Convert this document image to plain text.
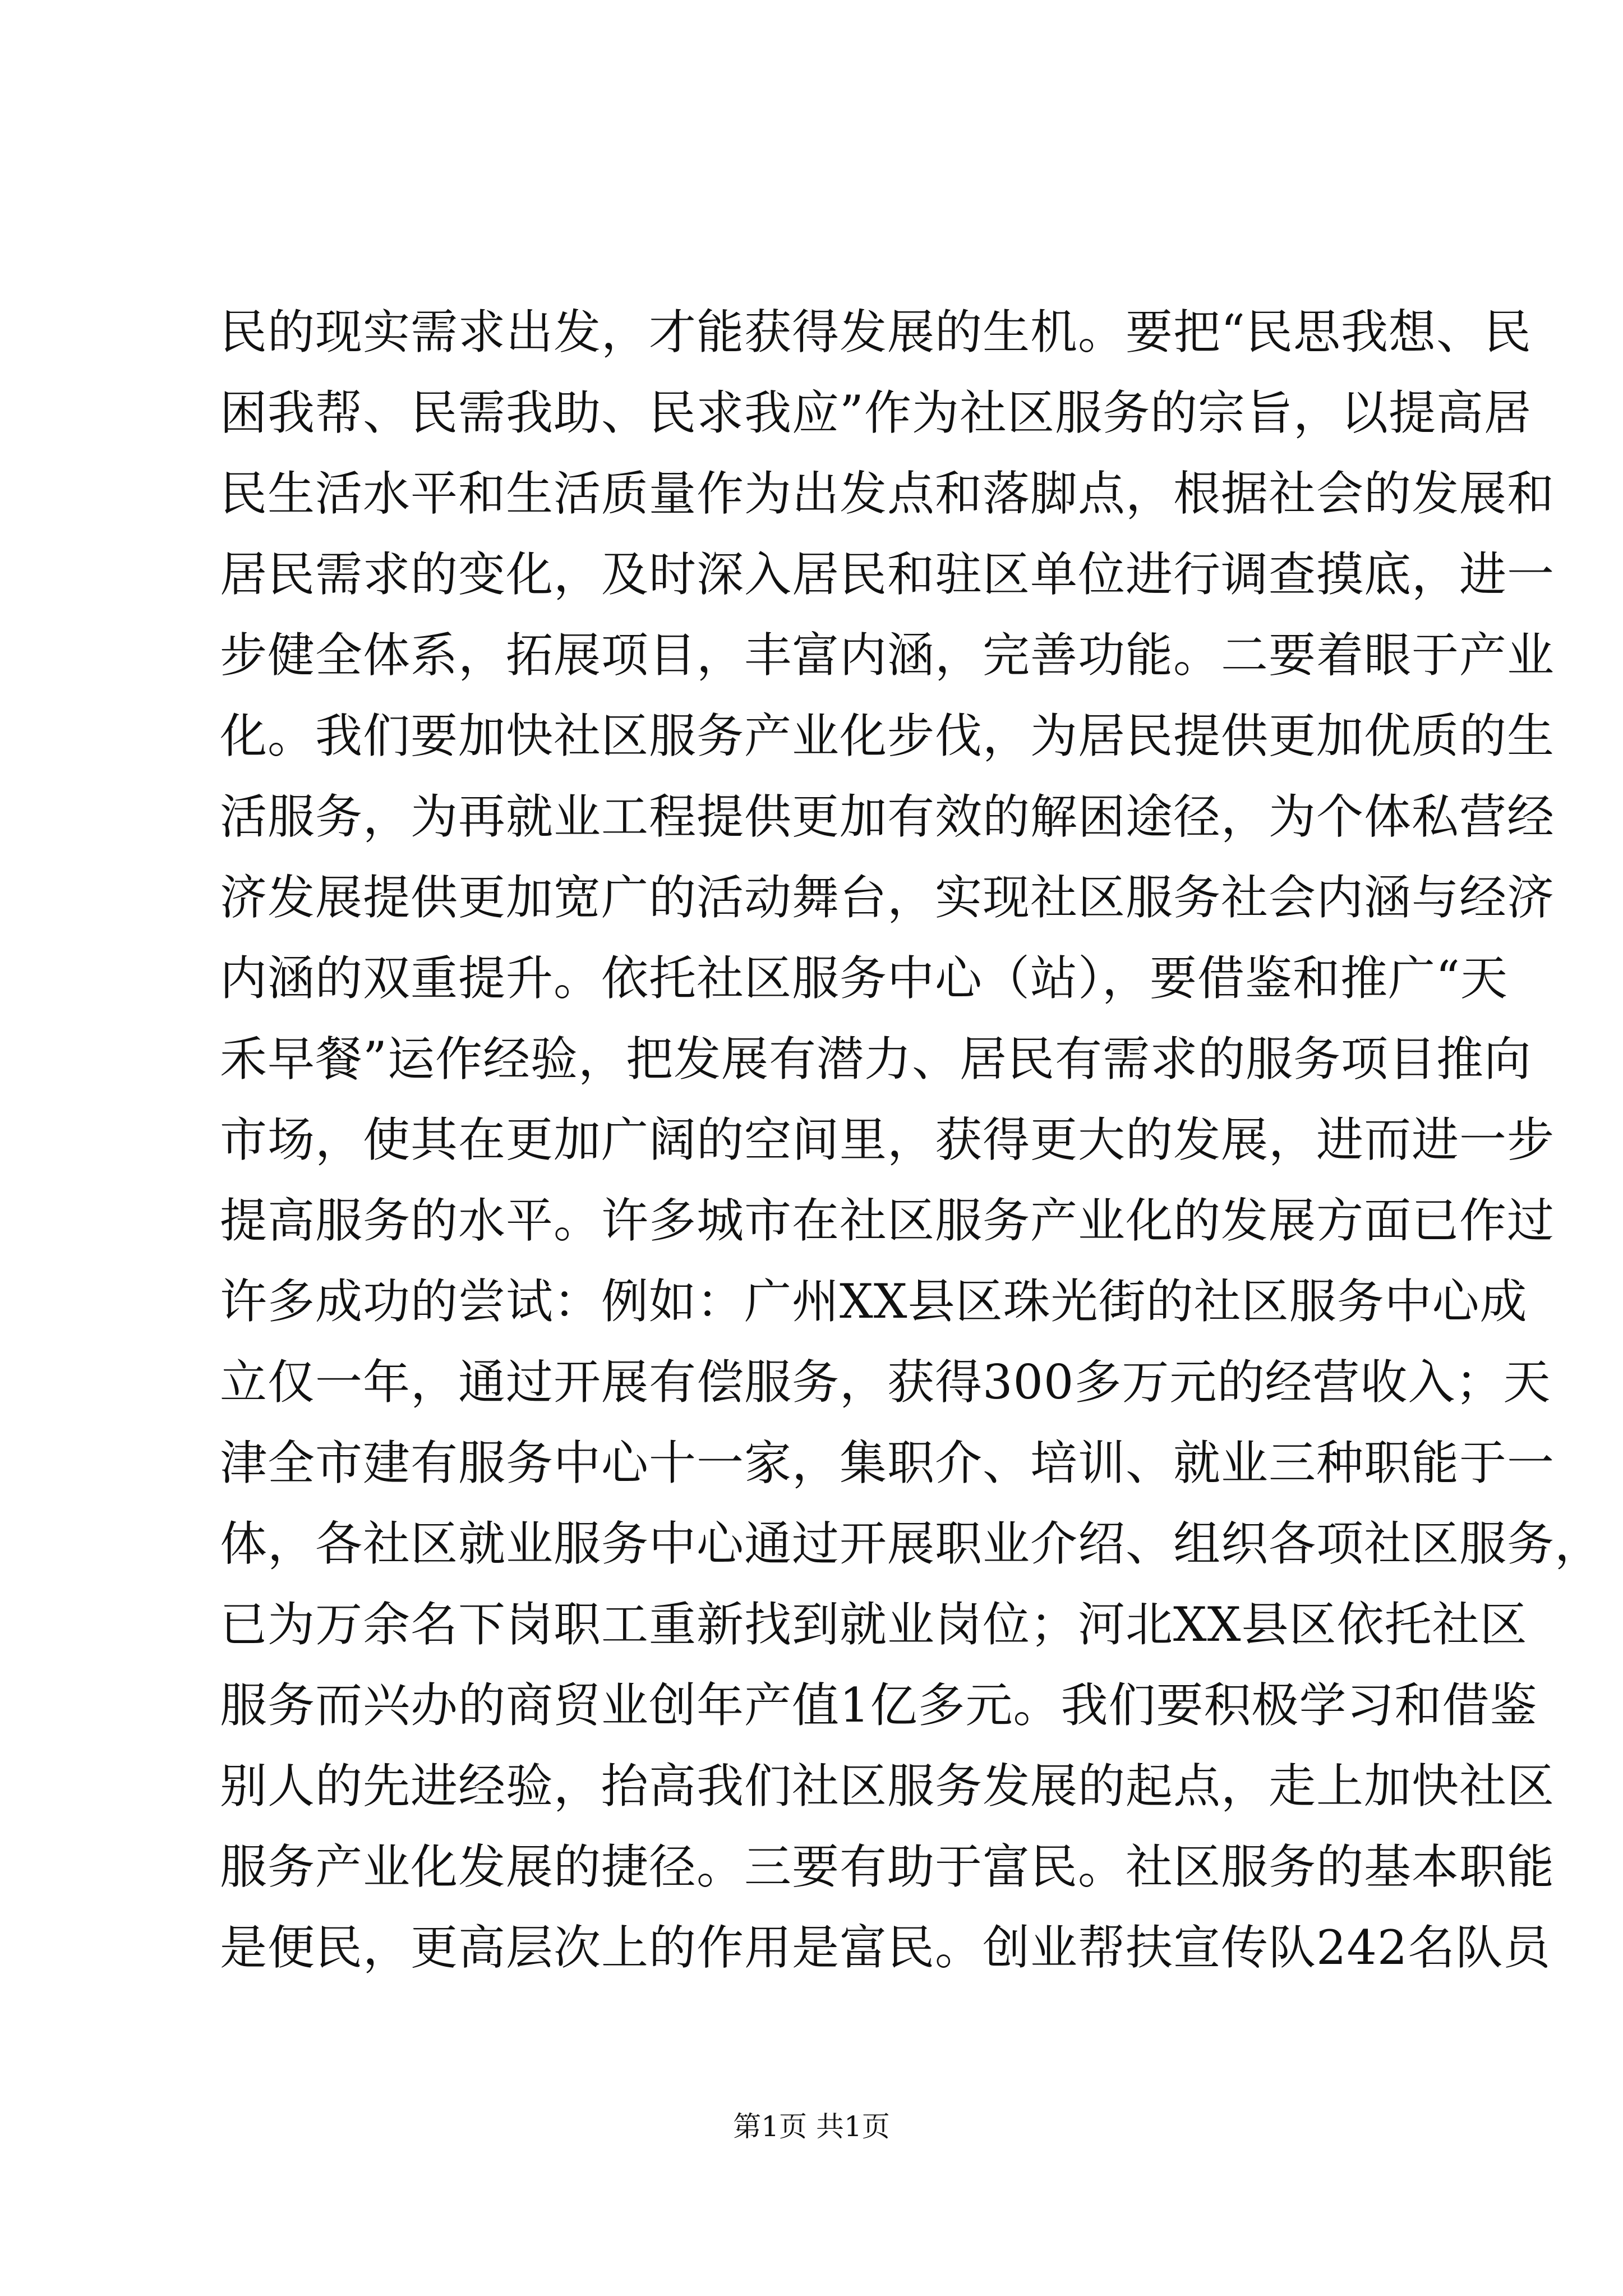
民的现实需求出发，才能获得发展的生机。要把“民思我想、民
困我帮、民需我助、民求我应”作为社区服务的宗旨，以提高居
民生活水平和生活质量作为出发点和落脚点，根据社会的发展和
居民需求的变化，及时深入居民和驻区单位进行调查摸底，进一
步健全体系，拓展项目，丰富内涵，完善功能。二要着眼于产业
化。我们要加快社区服务产业化步伐，为居民提供更加优质的生
活服务，为再就业工程提供更加有效的解困途径，为个体私营经
济发展提供更加宽广的活动舞台，实现社区服务社会内涵与经济
内涵的双重提升。依托社区服务中心（站），要借鉴和推广“天
禾早餐”运作经验，把发展有潜力、居民有需求的服务项目推向
市场，使其在更加广阔的空间里，获得更大的发展，进而进一步
提高服务的水平。许多城市在社区服务产业化的发展方面已作过
许多成功的尝试：例如：广州XX县区珠光街的社区服务中心成
立仅一年，通过开展有偿服务，获得300多万元的经营收入；天
津全市建有服务中心十一家，集职介、培训、就业三种职能于一
体，各社区就业服务中心通过开展职业介绍、组织各项社区服务，
已为万余名下岗职工重新找到就业岗位；河北XX县区依托社区
服务而兴办的商贸业创年产值1亿多元。我们要积极学习和借鉴
别人的先进经验，抬高我们社区服务发展的起点，走上加快社区
服务产业化发展的捷径。三要有助于富民。社区服务的基本职能
是便民，更高层次上的作用是富民。创业帮扶宣传队242名队员
第1页 共1页
